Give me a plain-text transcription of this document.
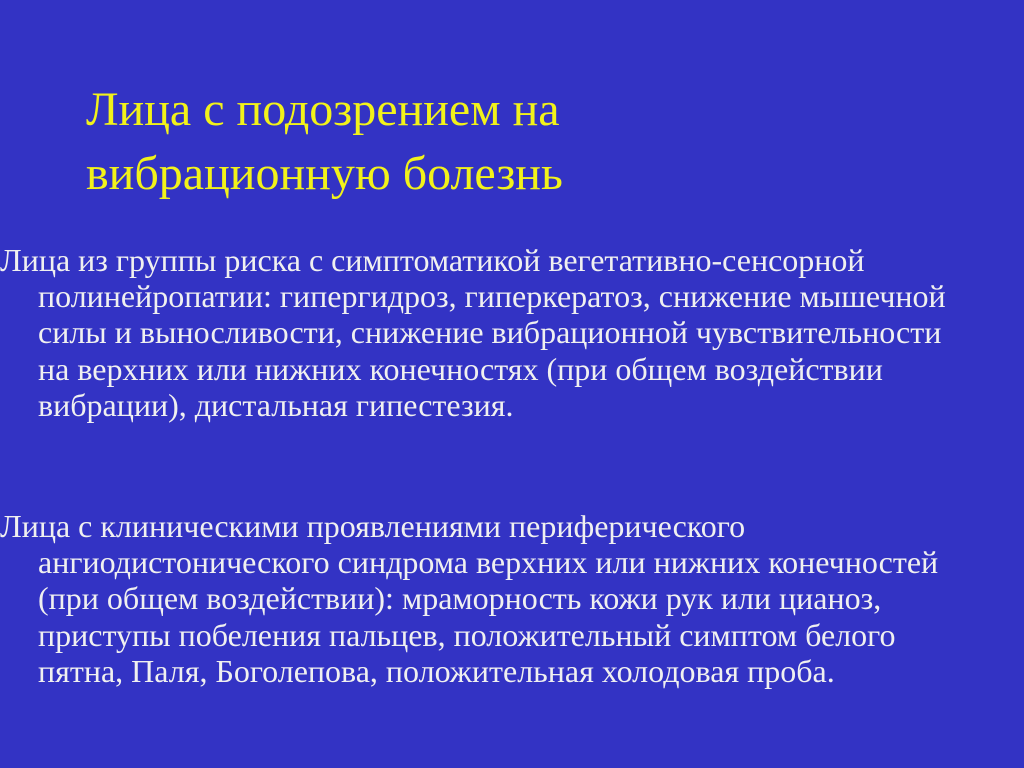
Лица с подозрением на
вибрационную болезнь

Лица из группы риска с симптоматикой вегетативно-сенсорной
полинейропатии: гипергидроз, гиперкератоз, снижение мышечной
силы и выносливости, снижение вибрационной чувствительности
на верхних или нижних конечностях (при общем воздействии
вибрации), дистальная гипестезия.

Лица с клиническими проявлениями периферического
ангиодистонического синдрома верхних или нижних конечностей
(при общем воздействии): мраморность кожи рук или цианоз,
приступы побеления пальцев, положительный симптом белого
пятна, Паля, Боголепова, положительная холодовая проба.
